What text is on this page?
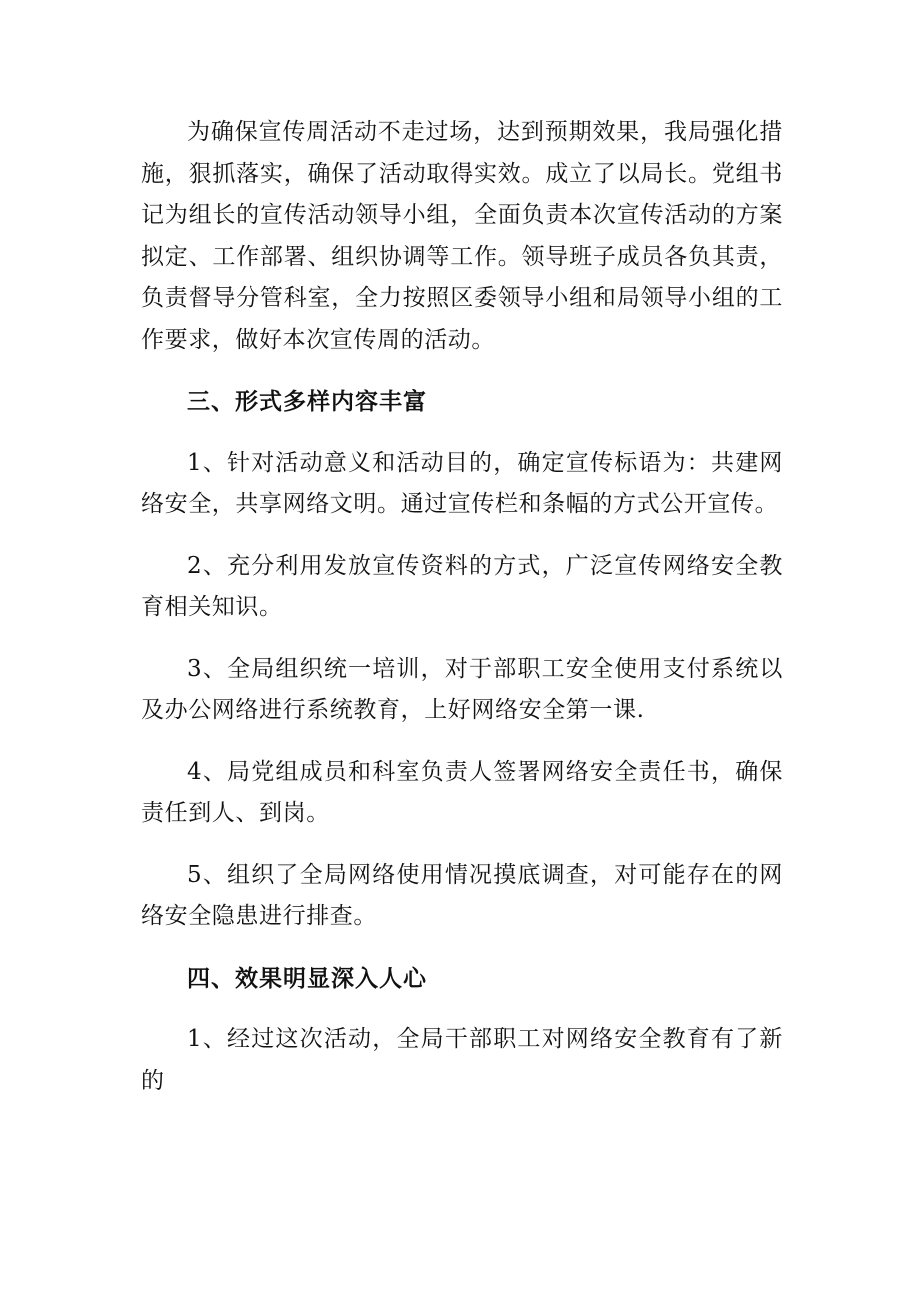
为确保宣传周活动不走过场，达到预期效果，我局强化措施，狠抓落实，确保了活动取得实效。成立了以局长。党组书记为组长的宣传活动领导小组，全面负责本次宣传活动的方案拟定、工作部署、组织协调等工作。领导班子成员各负其责，负责督导分管科室，全力按照区委领导小组和局领导小组的工作要求，做好本次宣传周的活动。

三、形式多样内容丰富

1、针对活动意义和活动目的，确定宣传标语为：共建网络安全，共享网络文明。通过宣传栏和条幅的方式公开宣传。

2、充分利用发放宣传资料的方式，广泛宣传网络安全教育相关知识。

3、全局组织统一培训，对于部职工安全使用支付系统以及办公网络进行系统教育，上好网络安全第一课.

4、局党组成员和科室负责人签署网络安全责任书，确保责任到人、到岗。

5、组织了全局网络使用情况摸底调查，对可能存在的网络安全隐患进行排查。

四、效果明显深入人心

1、经过这次活动，全局干部职工对网络安全教育有了新的
